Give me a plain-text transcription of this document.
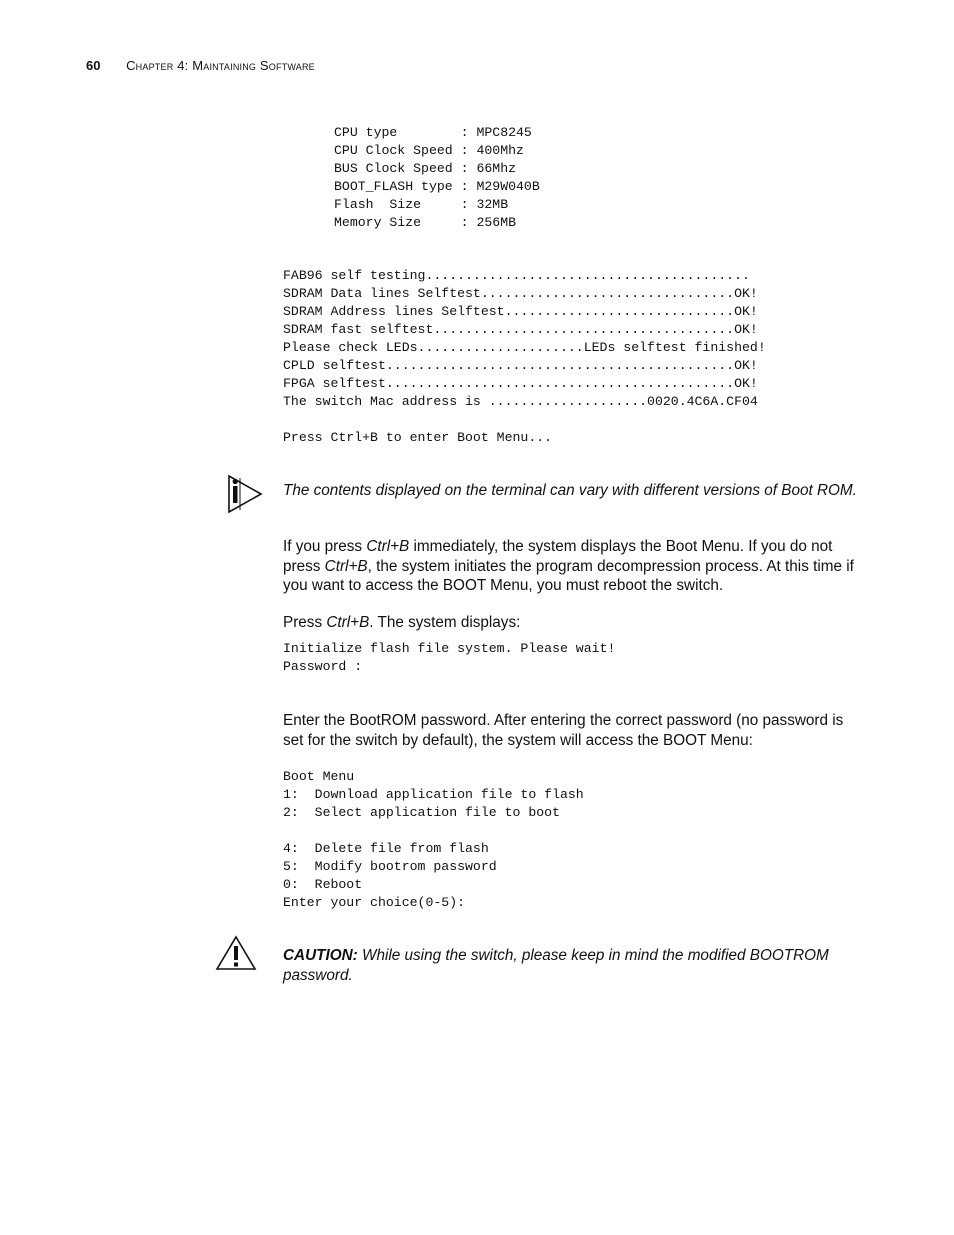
60 Chapter 4: Maintaining Software
CPU type        : MPC8245
CPU Clock Speed : 400Mhz
BUS Clock Speed : 66Mhz
BOOT_FLASH type : M29W040B
Flash  Size     : 32MB
Memory Size     : 256MB
FAB96 self testing.........................................
SDRAM Data lines Selftest................................OK!
SDRAM Address lines Selftest.............................OK!
SDRAM fast selftest......................................OK!
Please check LEDs.....................LEDs selftest finished!
CPLD selftest............................................OK!
FPGA selftest............................................OK!
The switch Mac address is ....................0020.4C6A.CF04

Press Ctrl+B to enter Boot Menu...
The contents displayed on the terminal can vary with different versions of Boot ROM.
If you press Ctrl+B immediately, the system displays the Boot Menu. If you do not press Ctrl+B, the system initiates the program decompression process. At this time if you want to access the BOOT Menu, you must reboot the switch.
Press Ctrl+B. The system displays:
Initialize flash file system. Please wait!
Password :
Enter the BootROM password. After entering the correct password (no password is set for the switch by default), the system will access the BOOT Menu:
Boot Menu
1:  Download application file to flash
2:  Select application file to boot

4:  Delete file from flash
5:  Modify bootrom password
0:  Reboot
Enter your choice(0-5):
CAUTION: While using the switch, please keep in mind the modified BOOTROM password.
